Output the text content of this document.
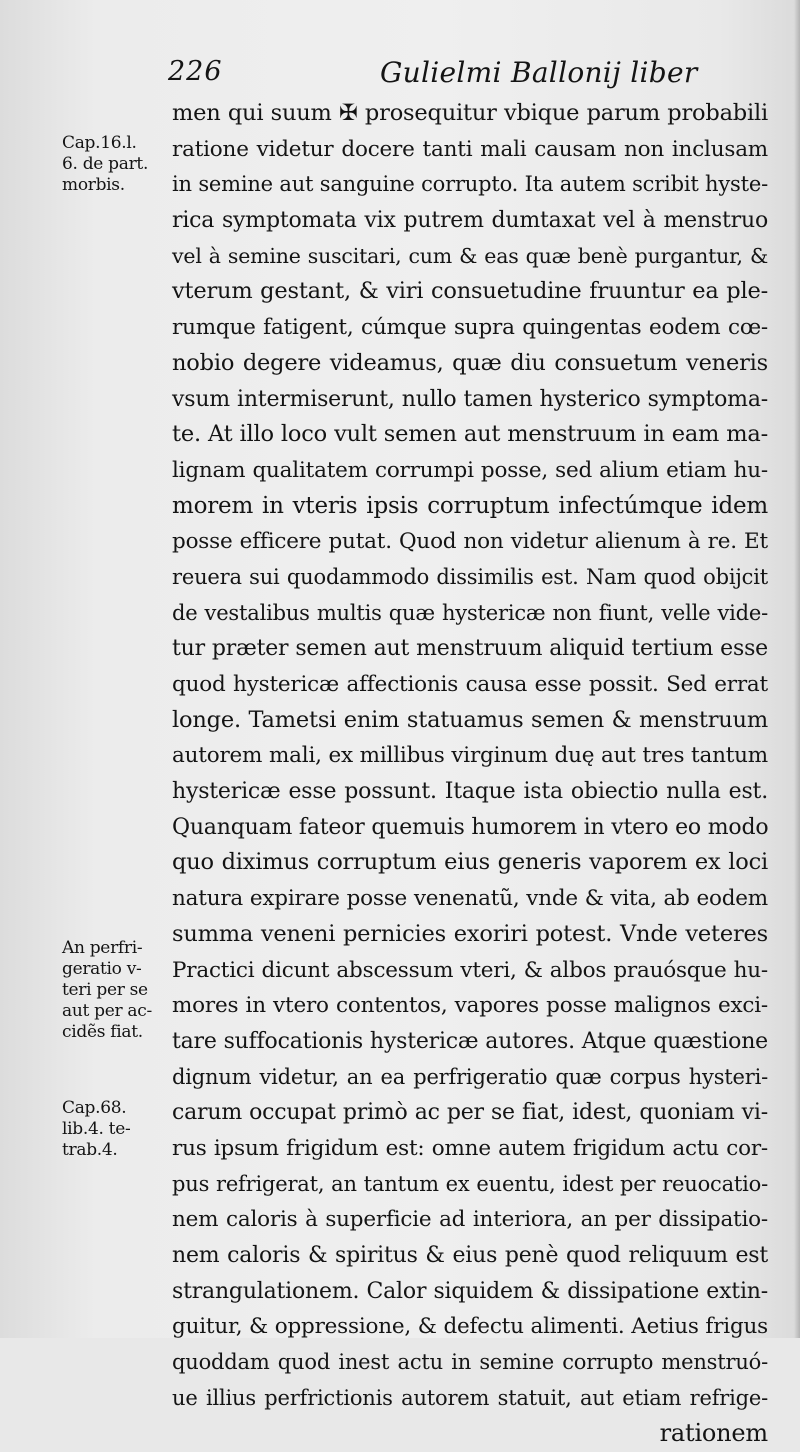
226	Gulielmi Ballonij liber
Cap.16.l.
6. de part.
morbis.
An perfri-
geratio v-
teri per se
aut per ac-
cidẽs fiat.
Cap.68.
lib.4. te-
trab.4.
men qui suum ✠ prosequitur vbique parum probabili
ratione videtur docere tanti mali causam non inclusam
in semine aut sanguine corrupto. Ita autem scribit hyste-
rica symptomata vix putrem dumtaxat vel à menstruo
vel à semine suscitari, cum & eas quæ benè purgantur, &
vterum gestant, & viri consuetudine fruuntur ea ple-
rumque fatigent, cúmque supra quingentas eodem cœ-
nobio degere videamus, quæ diu consuetum veneris
vsum intermiserunt, nullo tamen hysterico symptoma-
te. At illo loco vult semen aut menstruum in eam ma-
lignam qualitatem corrumpi posse, sed alium etiam hu-
morem in vteris ipsis corruptum infectúmque idem
posse efficere putat. Quod non videtur alienum à re. Et
reuera sui quodammodo dissimilis est. Nam quod obijcit
de vestalibus multis quæ hystericæ non fiunt, velle vide-
tur præter semen aut menstruum aliquid tertium esse
quod hystericæ affectionis causa esse possit. Sed errat
longe. Tametsi enim statuamus semen & menstruum
autorem mali, ex millibus virginum duę aut tres tantum
hystericæ esse possunt. Itaque ista obiectio nulla est.
Quanquam fateor quemuis humorem in vtero eo modo
quo diximus corruptum eius generis vaporem ex loci
natura expirare posse venenatũ, vnde & vita, ab eodem
summa veneni pernicies exoriri potest. Vnde veteres
Practici dicunt abscessum vteri, & albos prauósque hu-
mores in vtero contentos, vapores posse malignos exci-
tare suffocationis hystericæ autores. Atque quæstione
dignum videtur, an ea perfrigeratio quæ corpus hysteri-
carum occupat primò ac per se fiat, idest, quoniam vi-
rus ipsum frigidum est: omne autem frigidum actu cor-
pus refrigerat, an tantum ex euentu, idest per reuocatio-
nem caloris à superficie ad interiora, an per dissipatio-
nem caloris & spiritus & eius penè quod reliquum est
strangulationem. Calor siquidem & dissipatione extin-
guitur, & oppressione, & defectu alimenti. Aetius frigus
quoddam quod inest actu in semine corrupto menstruó-
ue illius perfrictionis autorem statuit, aut etiam refrige-
rationem
